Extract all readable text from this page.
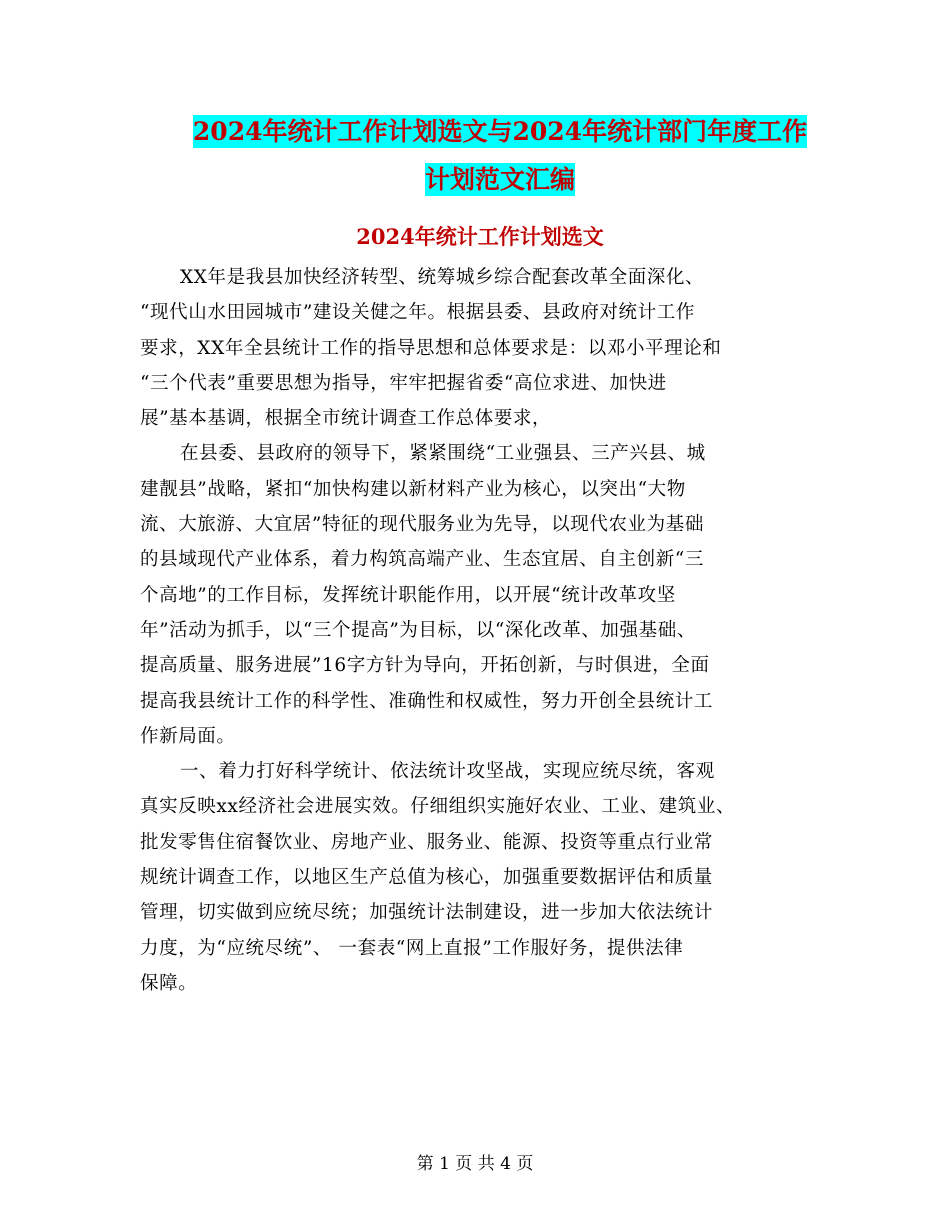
2024年统计工作计划选文与2024年统计部门年度工作
计划范文汇编
2024年统计工作计划选文
XX年是我县加快经济转型、统筹城乡综合配套改革全面深化、
“现代山水田园城市”建设关健之年。根据县委、县政府对统计工作
要求，XX年全县统计工作的指导思想和总体要求是：以邓小平理论和
“三个代表”重要思想为指导，牢牢把握省委“高位求进、加快进
展”基本基调，根据全市统计调查工作总体要求，
在县委、县政府的领导下，紧紧围绕“工业强县、三产兴县、城
建靓县”战略，紧扣“加快构建以新材料产业为核心，以突出“大物
流、大旅游、大宜居”特征的现代服务业为先导，以现代农业为基础
的县域现代产业体系，着力构筑高端产业、生态宜居、自主创新“三
个高地”的工作目标，发挥统计职能作用，以开展“统计改革攻坚
年”活动为抓手，以“三个提高”为目标，以“深化改革、加强基础、
提高质量、服务进展”16字方针为导向，开拓创新，与时俱进，全面
提高我县统计工作的科学性、准确性和权威性，努力开创全县统计工
作新局面。
一、着力打好科学统计、依法统计攻坚战，实现应统尽统，客观
真实反映xx经济社会进展实效。仔细组织实施好农业、工业、建筑业、
批发零售住宿餐饮业、房地产业、服务业、能源、投资等重点行业常
规统计调查工作，以地区生产总值为核心，加强重要数据评估和质量
管理，切实做到应统尽统；加强统计法制建设，进一步加大依法统计
力度，为“应统尽统”、 一套表“网上直报”工作服好务，提供法律
保障。
第 1 页 共 4 页
